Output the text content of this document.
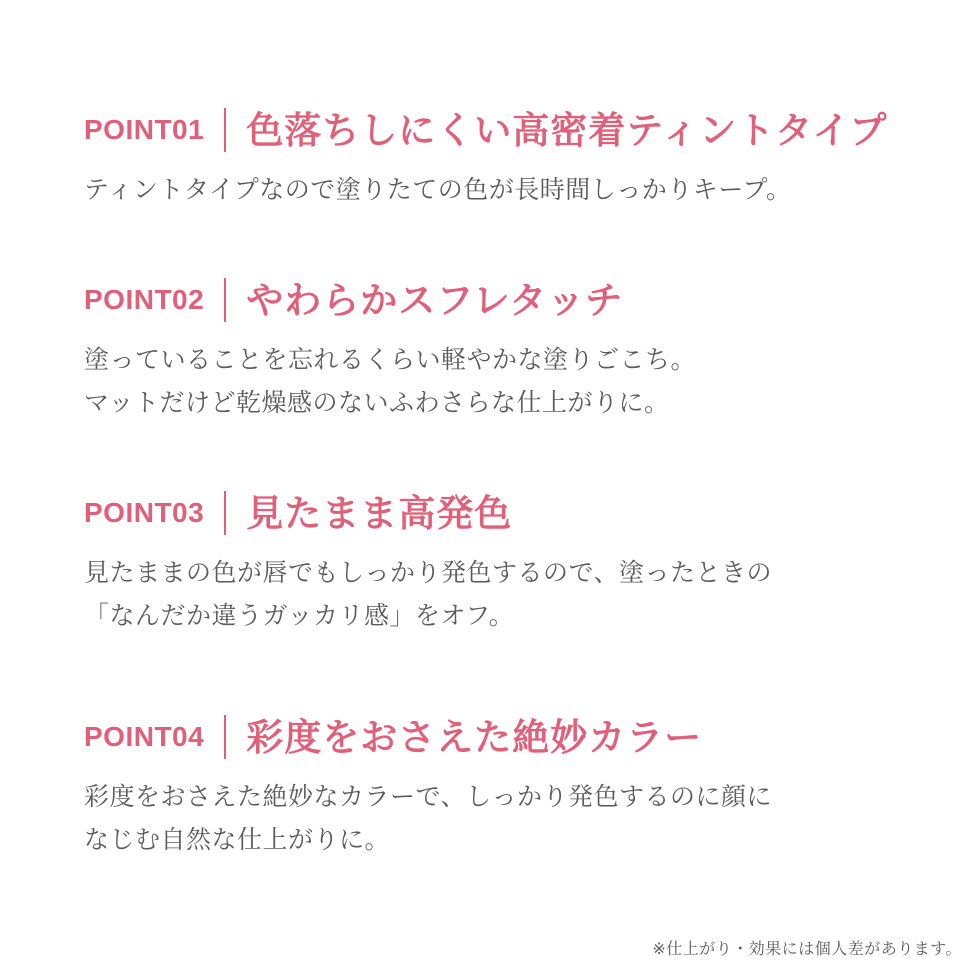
POINT01 色落ちしにくい高密着ティントタイプ
ティントタイプなので塗りたての色が長時間しっかりキープ。
POINT02 やわらかスフレタッチ
塗っていることを忘れるくらい軽やかな塗りごこち。
マットだけど乾燥感のないふわさらな仕上がりに。
POINT03 見たまま高発色
見たままの色が唇でもしっかり発色するので、塗ったときの
「なんだか違うガッカリ感」をオフ。
POINT04 彩度をおさえた絶妙カラー
彩度をおさえた絶妙なカラーで、しっかり発色するのに顔に
なじむ自然な仕上がりに。
※仕上がり・効果には個人差があります。
